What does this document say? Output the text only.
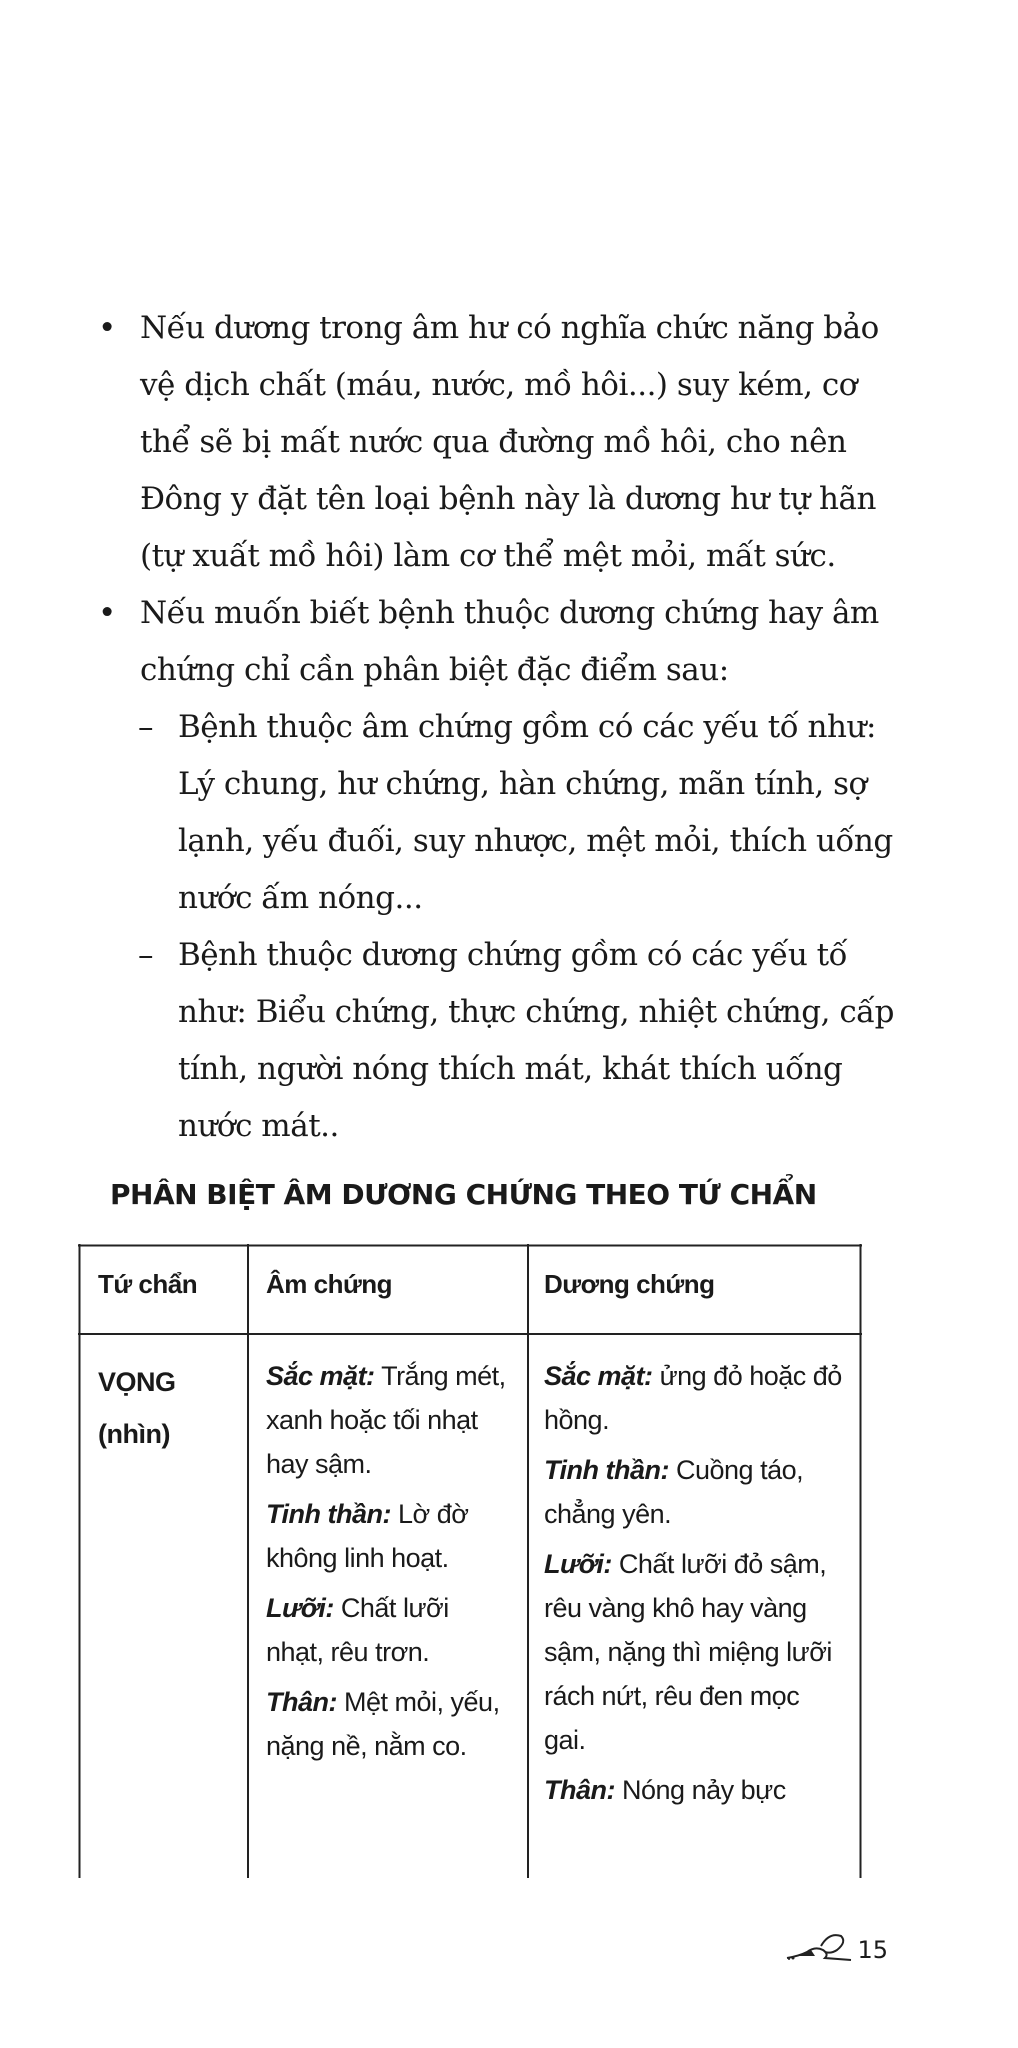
• Nếu dương trong âm hư có nghĩa chức năng bảo vệ dịch chất (máu, nước, mồ hôi...) suy kém, cơ thể sẽ bị mất nước qua đường mồ hôi, cho nên Đông y đặt tên loại bệnh này là dương hư tự hãn (tự xuất mồ hôi) làm cơ thể mệt mỏi, mất sức.
• Nếu muốn biết bệnh thuộc dương chứng hay âm chứng chỉ cần phân biệt đặc điểm sau:
– Bệnh thuộc âm chứng gồm có các yếu tố như: Lý chung, hư chứng, hàn chứng, mãn tính, sợ lạnh, yếu đuối, suy nhược, mệt mỏi, thích uống nước ấm nóng...
– Bệnh thuộc dương chứng gồm có các yếu tố như: Biểu chứng, thực chứng, nhiệt chứng, cấp tính, người nóng thích mát, khát thích uống nước mát..
PHÂN BIỆT ÂM DƯƠNG CHỨNG THEO TỨ CHẨN
Tứ chẩn	Âm chứng	Dương chứng
VỌNG
(nhìn)

Sắc mặt: Trắng mét, xanh hoặc tối nhạt hay sậm.

Tinh thần: Lờ đờ không linh hoạt.

Lưỡi: Chất lưỡi nhạt, rêu trơn.

Thân: Mệt mỏi, yếu, nặng nề, nằm co.

Sắc mặt: ửng đỏ hoặc đỏ hồng.

Tinh thần: Cuồng táo, chẳng yên.

Lưỡi: Chất lưỡi đỏ sậm, rêu vàng khô hay vàng sậm, nặng thì miệng lưỡi rách nứt, rêu đen mọc gai.

Thân: Nóng nảy bực

15
